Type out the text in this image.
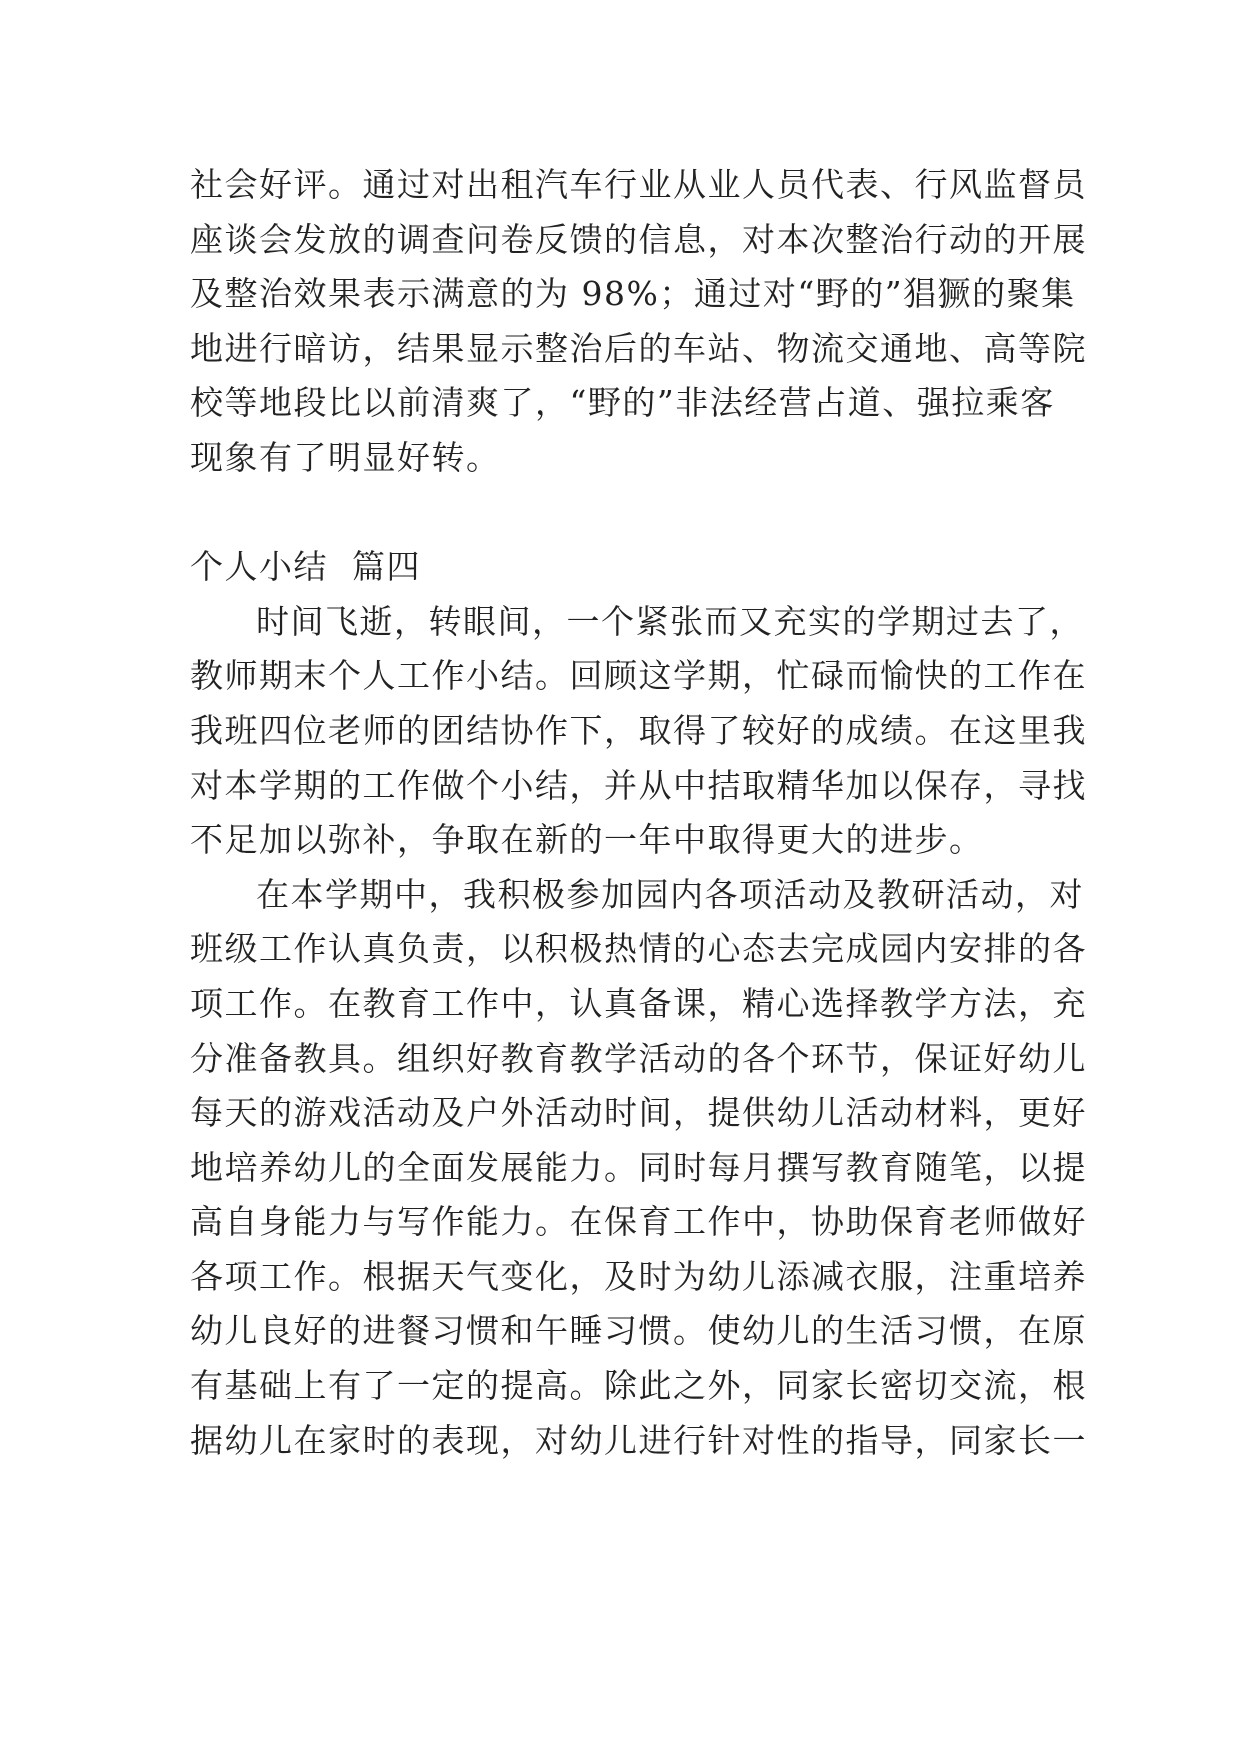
社会好评。通过对出租汽车行业从业人员代表、行风监督员
座谈会发放的调查问卷反馈的信息，对本次整治行动的开展
及整治效果表示满意的为 98%；通过对“野的”猖獗的聚集
地进行暗访，结果显示整治后的车站、物流交通地、高等院
校等地段比以前清爽了，“野的”非法经营占道、强拉乘客
现象有了明显好转。
个人小结  篇四
时间飞逝，转眼间，一个紧张而又充实的学期过去了，
教师期末个人工作小结。回顾这学期，忙碌而愉快的工作在
我班四位老师的团结协作下，取得了较好的成绩。在这里我
对本学期的工作做个小结，并从中拮取精华加以保存，寻找
不足加以弥补，争取在新的一年中取得更大的进步。
在本学期中，我积极参加园内各项活动及教研活动，对
班级工作认真负责，以积极热情的心态去完成园内安排的各
项工作。在教育工作中，认真备课，精心选择教学方法，充
分准备教具。组织好教育教学活动的各个环节，保证好幼儿
每天的游戏活动及户外活动时间，提供幼儿活动材料，更好
地培养幼儿的全面发展能力。同时每月撰写教育随笔，以提
高自身能力与写作能力。在保育工作中，协助保育老师做好
各项工作。根据天气变化，及时为幼儿添减衣服，注重培养
幼儿良好的进餐习惯和午睡习惯。使幼儿的生活习惯，在原
有基础上有了一定的提高。除此之外，同家长密切交流，根
据幼儿在家时的表现，对幼儿进行针对性的指导，同家长一
